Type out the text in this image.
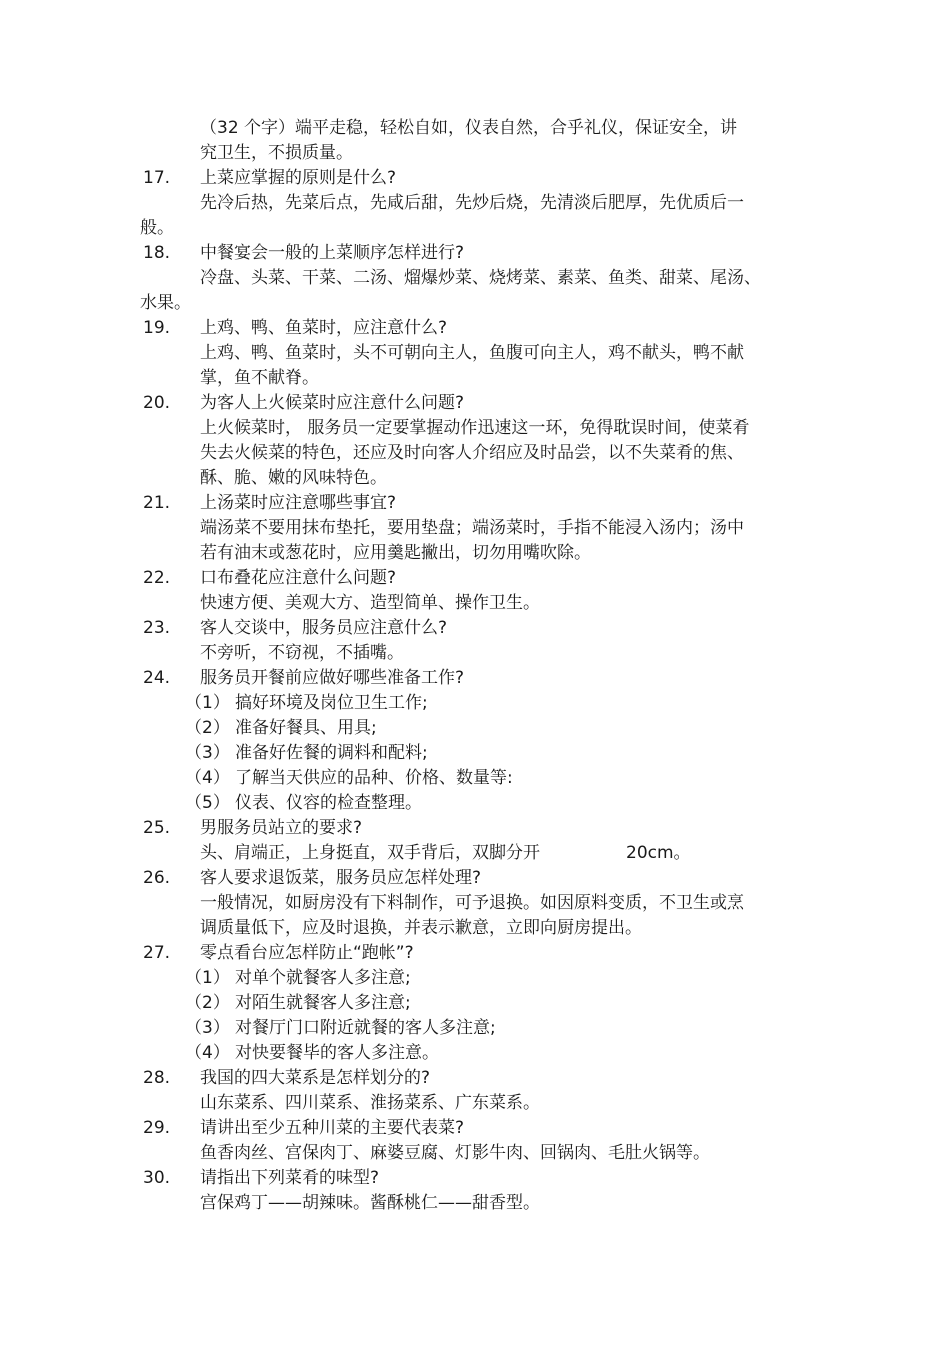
（32 个字）端平走稳，轻松自如，仪表自然，合乎礼仪，保证安全，讲
究卫生，不损质量。
17. 上菜应掌握的原则是什么?
先冷后热，先菜后点，先咸后甜，先炒后烧，先清淡后肥厚，先优质后一
般。
18. 中餐宴会一般的上菜顺序怎样进行?
冷盘、头菜、干菜、二汤、熘爆炒菜、烧烤菜、素菜、鱼类、甜菜、尾汤、
水果。
19. 上鸡、鸭、鱼菜时，应注意什么?
上鸡、鸭、鱼菜时，头不可朝向主人，鱼腹可向主人，鸡不献头，鸭不献
掌，鱼不献脊。
20. 为客人上火候菜时应注意什么问题?
上火候菜时， 服务员一定要掌握动作迅速这一环，免得耽误时间，使菜肴
失去火候菜的特色，还应及时向客人介绍应及时品尝，以不失菜肴的焦、
酥、脆、嫩的风味特色。
21. 上汤菜时应注意哪些事宜?
端汤菜不要用抹布垫托，要用垫盘；端汤菜时，手指不能浸入汤内；汤中
若有油末或葱花时，应用羹匙撇出，切勿用嘴吹除。
22. 口布叠花应注意什么问题?
快速方便、美观大方、造型简单、操作卫生。
23. 客人交谈中，服务员应注意什么?
不旁听，不窃视，不插嘴。
24. 服务员开餐前应做好哪些准备工作?
（1） 搞好环境及岗位卫生工作;
（2） 准备好餐具、用具;
（3） 准备好佐餐的调料和配料;
（4） 了解当天供应的品种、价格、数量等:
（5） 仪表、仪容的检查整理。
25. 男服务员站立的要求?
头、肩端正，上身挺直，双手背后，双脚分开	20cm。
26. 客人要求退饭菜，服务员应怎样处理?
一般情况，如厨房没有下料制作，可予退换。如因原料变质，不卫生或烹
调质量低下，应及时退换，并表示歉意，立即向厨房提出。
27. 零点看台应怎样防止“跑帐”?
（1） 对单个就餐客人多注意;
（2） 对陌生就餐客人多注意;
（3） 对餐厅门口附近就餐的客人多注意;
（4） 对快要餐毕的客人多注意。
28. 我国的四大菜系是怎样划分的?
山东菜系、四川菜系、淮扬菜系、广东菜系。
29. 请讲出至少五种川菜的主要代表菜?
鱼香肉丝、宫保肉丁、麻婆豆腐、灯影牛肉、回锅肉、毛肚火锅等。
30. 请指出下列菜肴的味型?
宫保鸡丁——胡辣味。酱酥桃仁——甜香型。
